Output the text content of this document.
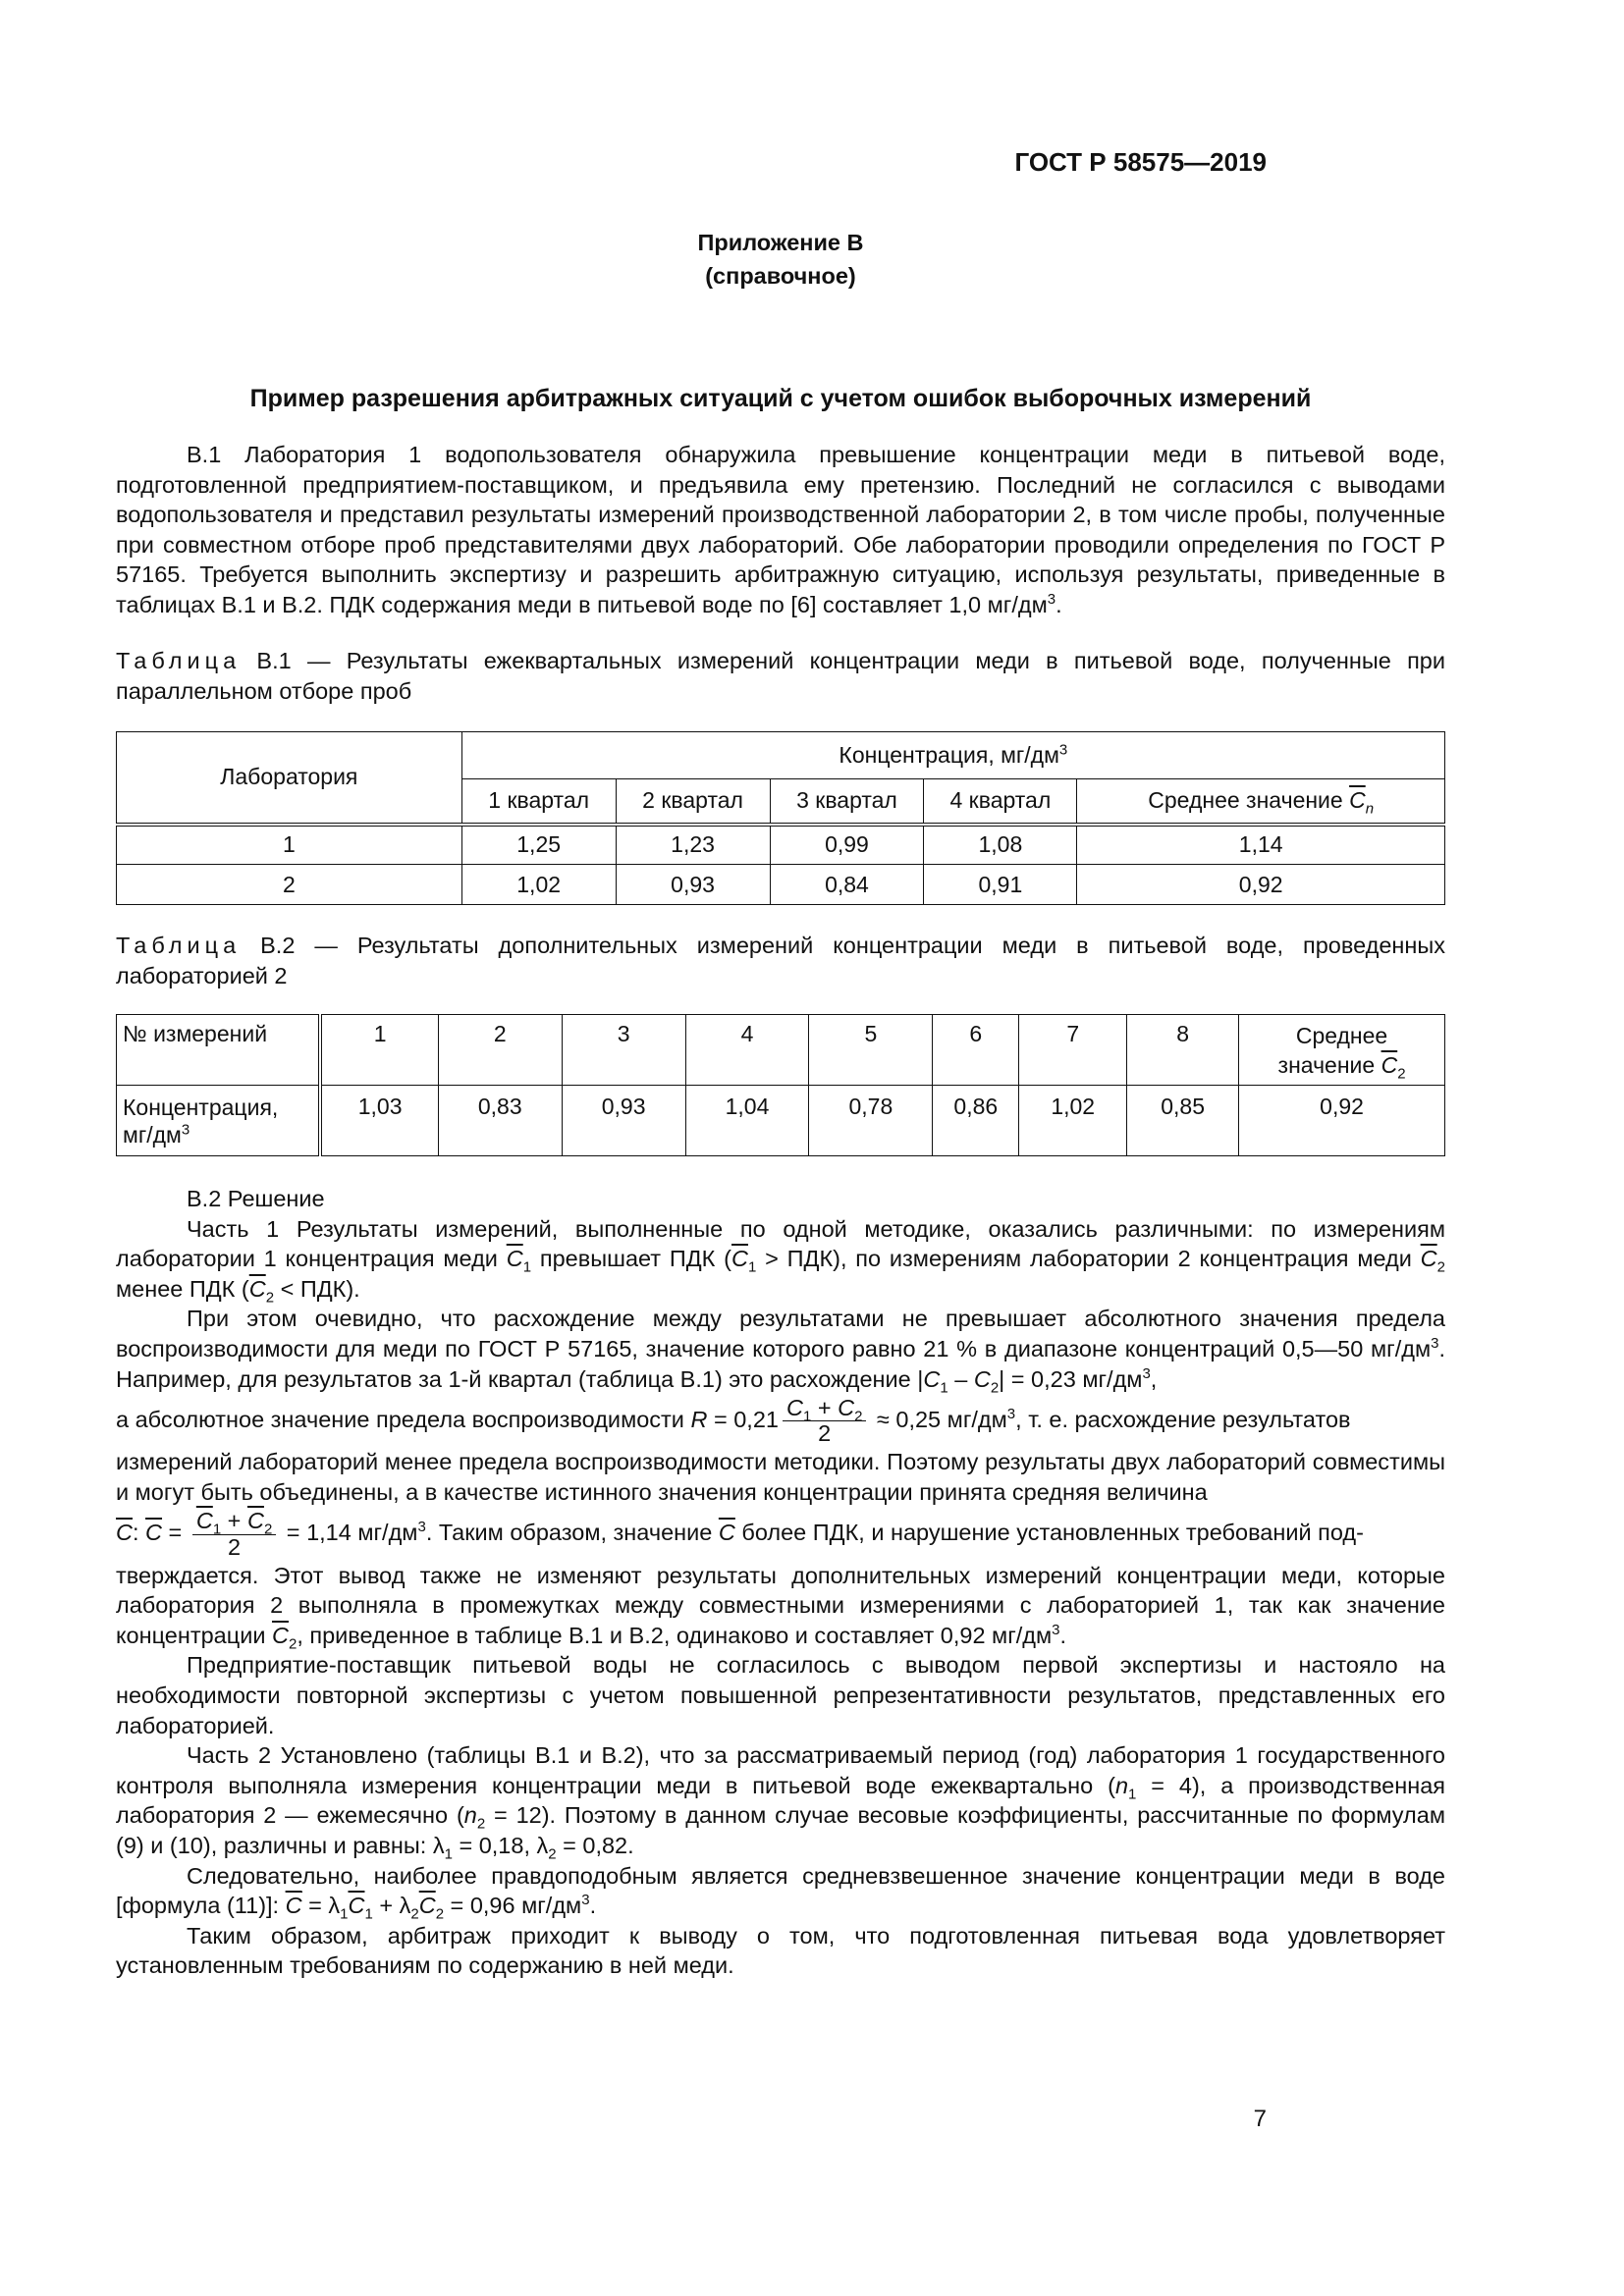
ГОСТ Р 58575—2019
Приложение В
(справочное)
Пример разрешения арбитражных ситуаций с учетом ошибок выборочных измерений

В.1 Лаборатория 1 водопользователя обнаружила превышение концентрации меди в питьевой воде, подготовленной предприятием-поставщиком, и предъявила ему претензию. Последний не согласился с выводами водопользователя и представил результаты измерений производственной лаборатории 2, в том числе пробы, полученные при совместном отборе проб представителями двух лабораторий. Обе лаборатории проводили определения по ГОСТ Р 57165. Требуется выполнить экспертизу и разрешить арбитражную ситуацию, используя результаты, приведенные в таблицах В.1 и В.2. ПДК содержания меди в питьевой воде по [6] составляет 1,0 $мг/дм^3$.

Таблица В.1 — Результаты ежеквартальных измерений концентрации меди в питьевой воде, полученные при параллельном отборе проб

Лаборатория	Концентрация, $мг/дм^3$
	1 квартал	2 квартал	3 квартал	4 квартал	Среднее значение $\overline{C}_n$
1	1,25	1,23	0,99	1,08	1,14
2	1,02	0,93	0,84	0,91	0,92

Таблица В.2 — Результаты дополнительных измерений концентрации меди в питьевой воде, проведенных лабораторией 2

№ измерений	1	2	3	4	5	6	7	8	Среднее
значение $\overline{C}_2$

Концентрация,
$мг/дм^3$	1,03	0,83	0,93	1,04	0,78	0,86	1,02	0,85	0,92

В.2 Решение

Часть 1 Результаты измерений, выполненные по одной методике, оказались различными: по измерениям лаборатории 1 концентрация меди $\overline{C}_1$ превышает ПДК $(\overline{C}_1 > ПДК)$, по измерениям лаборатории 2 концентрация меди $\overline{C}_2$ менее ПДК $(\overline{C}_2 < ПДК)$.

При этом очевидно, что расхождение между результатами не превышает абсолютного значения предела воспроизводимости для меди по ГОСТ Р 57165, значение которого равно 21 % в диапазоне концентраций 0,5—50 $мг/дм^3$. Например, для результатов за 1-й квартал (таблица В.1) это расхождение $|C_1 - C_2| = 0,23$ $мг/дм^3$,

а абсолютное значение предела воспроизводимости $R = 0,21 \frac{C_1 + C_2}{2} \approx 0,25$ $мг/дм^3$, т. е. расхождение результатов

измерений лабораторий менее предела воспроизводимости методики. Поэтому результаты двух лабораторий совместимы и могут быть объединены, а в качестве истинного значения концентрации принята средняя величина

$\overline{C}$: $\overline{C} = \frac{\overline{C}_1 + \overline{C}_2}{2} = 1,14$ $мг/дм^3$. Таким образом, значение $\overline{C}$ более ПДК, и нарушение установленных требований под-

тверждается. Этот вывод также не изменяют результаты дополнительных измерений концентрации меди, которые лаборатория 2 выполняла в промежутках между совместными измерениями с лабораторией 1, так как значение концентрации $\overline{C}_2$, приведенное в таблице В.1 и В.2, одинаково и составляет 0,92 $мг/дм^3$.

Предприятие-поставщик питьевой воды не согласилось с выводом первой экспертизы и настояло на необходимости повторной экспертизы с учетом повышенной репрезентативности результатов, представленных его лабораторией.

Часть 2 Установлено (таблицы В.1 и В.2), что за рассматриваемый период (год) лаборатория 1 государственного контроля выполняла измерения концентрации меди в питьевой воде ежеквартально $(n_1 = 4)$, а производственная лаборатория 2 — ежемесячно $(n_2 = 12)$. Поэтому в данном случае весовые коэффициенты, рассчитанные по формулам (9) и (10), различны и равны: $\lambda_1 = 0,18$, $\lambda_2 = 0,82$.

Следовательно, наиболее правдоподобным является средневзвешенное значение концентрации меди в воде [формула (11)]: $\overline{C} = \lambda_1\overline{C}_1 + \lambda_2\overline{C}_2 = 0,96$ $мг/дм^3$.

Таким образом, арбитраж приходит к выводу о том, что подготовленная питьевая вода удовлетворяет установленным требованиям по содержанию в ней меди.

7
